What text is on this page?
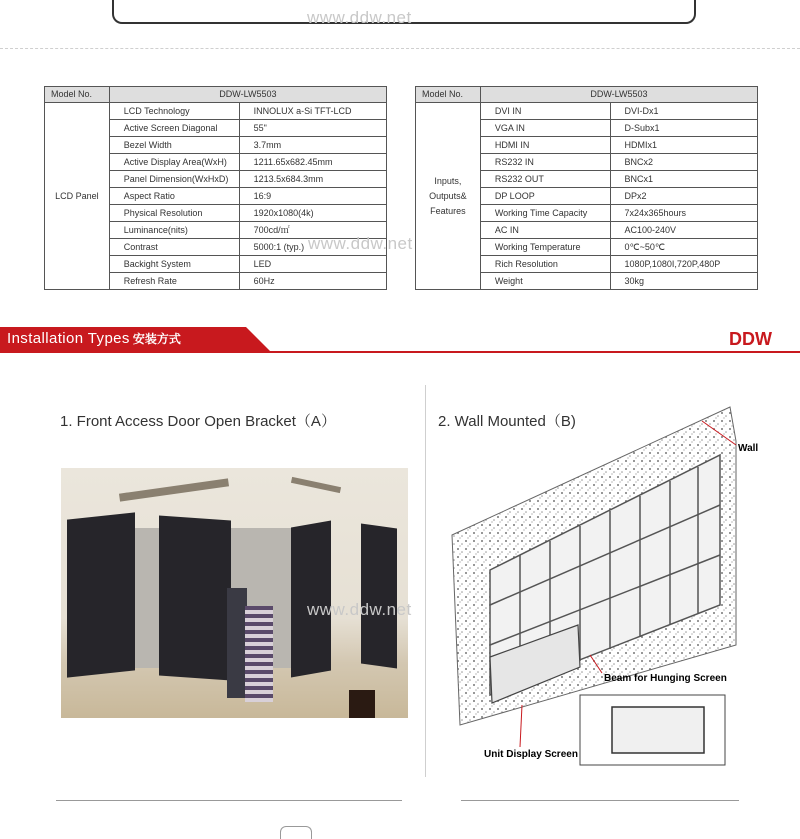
www.ddw.net
Model No.	DDW-LW5503	
LCD Panel	LCD Technology	INNOLUX a-Si TFT-LCD
	Active Screen Diagonal	55"
	Bezel Width	3.7mm
	Active Display Area(WxH)	1211.65x682.45mm
	Panel Dimension(WxHxD)	1213.5x684.3mm
	Aspect Ratio	16:9
	Physical Resolution	1920x1080(4k)
	Luminance(nits)	700cd/㎡
	Contrast	5000:1 (typ.)
	Backight System	LED
	Refresh Rate	60Hz
Model No.	DDW-LW5503	

Inputs,
Outputs&
Features	DVI IN	DVI-Dx1
	VGA IN	D-Subx1
	HDMI IN	HDMIx1
	RS232 IN	BNCx2
	RS232 OUT	BNCx1
	DP LOOP	DPx2
	Working Time Capacity	7x24x365hours
	AC IN	AC100-240V
	Working Temperature	0℃~50℃
	Rich Resolution	1080P,1080I,720P,480P
	Weight	30kg
www.ddw.net
Installation Types 安装方式	DDW
1. Front Access Door Open Bracket（A）	2. Wall Mounted（B)
www.ddw.net
Wall
Beam for Hunging Screen
Unit Display Screen
